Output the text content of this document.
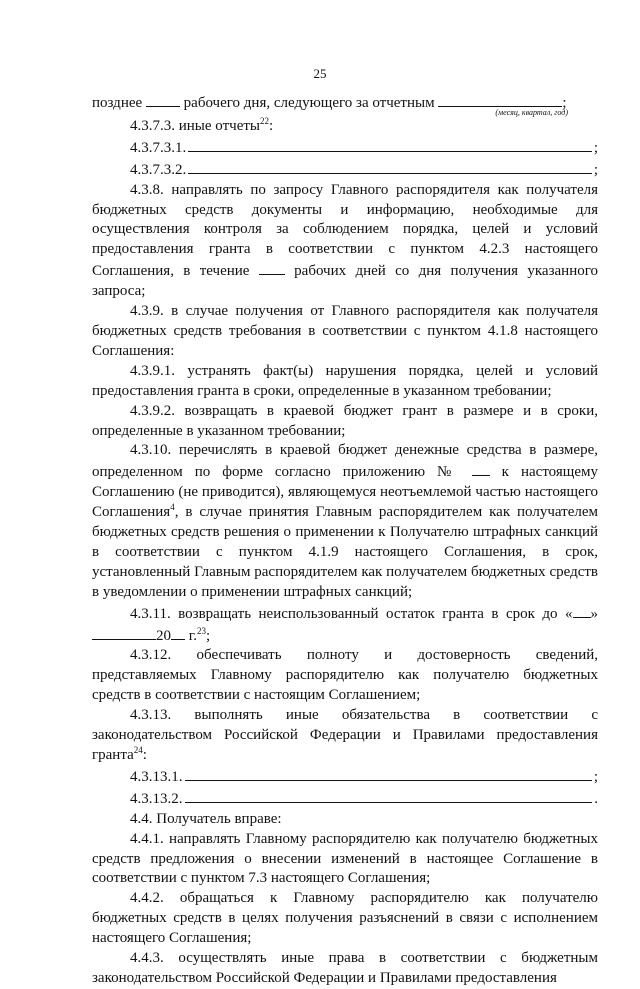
25
позднее	рабочего дня, следующего за отчетным	;
(месяц, квартал, год)
4.3.7.3. иные отчеты$^{22}$:
4.3.7.3.1.	;
4.3.7.3.2.	;
4.3.8. направлять по запросу Главного распорядителя как получателя бюджетных средств документы и информацию, необходимые для осуществления контроля за соблюдением порядка, целей и условий предоставления гранта в соответствии с пунктом 4.2.3 настоящего Соглашения, в течение	рабочих дней со дня получения указанного запроса;
4.3.9. в случае получения от Главного распорядителя как получателя бюджетных средств требования в соответствии с пунктом 4.1.8 настоящего Соглашения:
4.3.9.1. устранять факт(ы) нарушения порядка, целей и условий предоставления гранта в сроки, определенные в указанном требовании;
4.3.9.2. возвращать в краевой бюджет грант в размере и в сроки, определенные в указанном требовании;
4.3.10. перечислять в краевой бюджет денежные средства в размере, определенном по форме согласно приложению №	к настоящему Соглашению (не приводится), являющемуся неотъемлемой частью настоящего Соглашения$^4$, в случае принятия Главным распорядителем как получателем бюджетных средств решения о применении к Получателю штрафных санкций в соответствии с пунктом 4.1.9 настоящего Соглашения, в срок, установленный Главным распорядителем как получателем бюджетных средств в уведомлении о применении штрафных санкций;
4.3.11. возвращать неиспользованный остаток гранта в срок до « » 20 г.$^{23}$;
4.3.12. обеспечивать полноту и достоверность сведений, представляемых Главному распорядителю как получателю бюджетных средств в соответствии с настоящим Соглашением;
4.3.13. выполнять иные обязательства в соответствии с законодательством Российской Федерации и Правилами предоставления гранта$^{24}$:
4.3.13.1.	;
4.3.13.2.	.
4.4. Получатель вправе:
4.4.1. направлять Главному распорядителю как получателю бюджетных средств предложения о внесении изменений в настоящее Соглашение в соответствии с пунктом 7.3 настоящего Соглашения;
4.4.2. обращаться к Главному распорядителю как получателю бюджетных средств в целях получения разъяснений в связи с исполнением настоящего Соглашения;
4.4.3. осуществлять иные права в соответствии с бюджетным законодательством Российской Федерации и Правилами предоставления
